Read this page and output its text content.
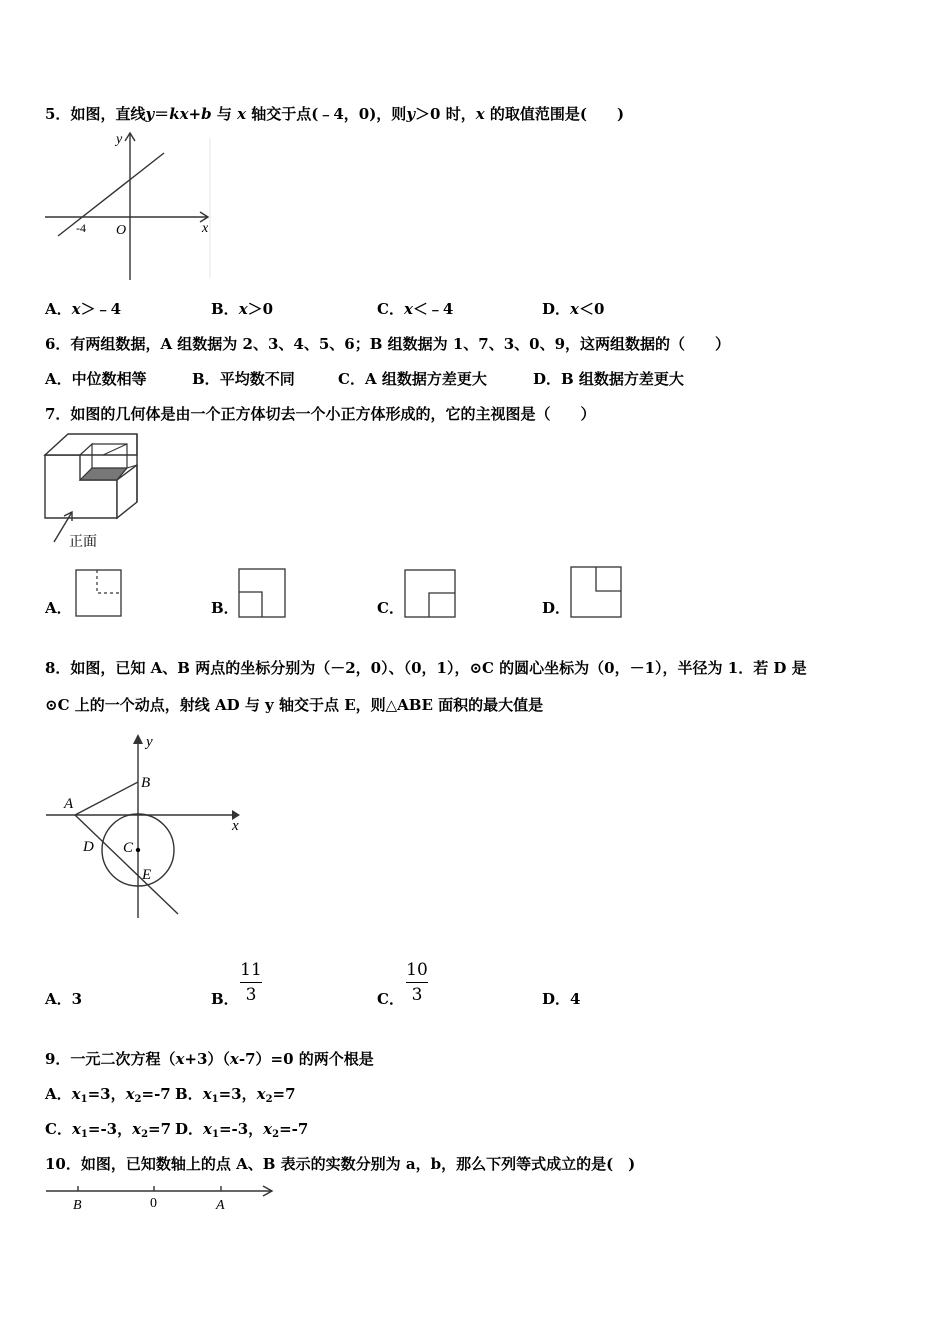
5．如图，直线y＝kx+b 与 x 轴交于点(﹣4，0)，则y＞0 时，x 的取值范围是(　　)
y
x
O
-4
A．x＞﹣4	B．x＞0	C．x＜﹣4	D．x＜0
6．有两组数据，A 组数据为 2、3、4、5、6；B 组数据为 1、7、3、0、9，这两组数据的（　　）
A．中位数相等	B．平均数不同	C．A 组数据方差更大	D．B 组数据方差更大
7．如图的几何体是由一个正方体切去一个小正方体形成的，它的主视图是（　　）
正面
A．	B．	C．	D．
8．如图，已知 A、B 两点的坐标分别为（－2，0）、（0，1），⊙C 的圆心坐标为（0，－1），半径为 1．若 D 是
⊙C 上的一个动点，射线 AD 与 y 轴交于点 E，则△ABE 面积的最大值是
y
x
A
B
C
D
E
A．3	B．
11
3	C．
10
3	D．4
9．一元二次方程（x+3）（x-7）=0 的两个根是
A．$x_1=3$，$x_2=-7$ B．$x_1=3$，$x_2=7$
C．$x_1=-3$，$x_2=7$ D．$x_1=-3$，$x_2=-7$
10．如图，已知数轴上的点 A、B 表示的实数分别为 a，b，那么下列等式成立的是(　)
B	0	A
